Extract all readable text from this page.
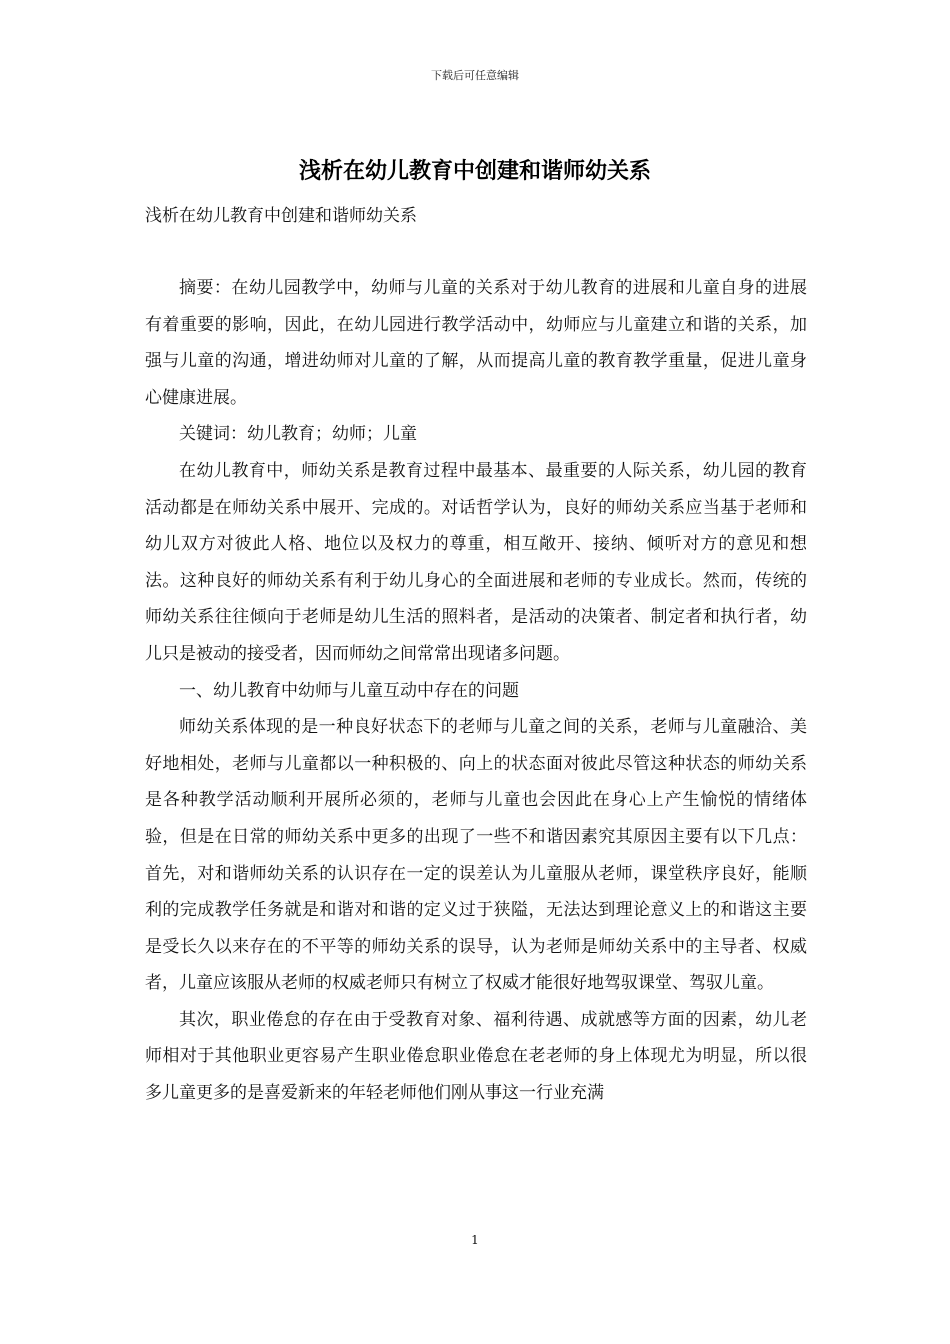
下载后可任意编辑
浅析在幼儿教育中创建和谐师幼关系
浅析在幼儿教育中创建和谐师幼关系

摘要：在幼儿园教学中，幼师与儿童的关系对于幼儿教育的进展和儿童自身的进展有着重要的影响，因此，在幼儿园进行教学活动中，幼师应与儿童建立和谐的关系，加强与儿童的沟通，增进幼师对儿童的了解，从而提高儿童的教育教学重量，促进儿童身心健康进展。

关键词：幼儿教育；幼师；儿童

在幼儿教育中，师幼关系是教育过程中最基本、最重要的人际关系，幼儿园的教育活动都是在师幼关系中展开、完成的。对话哲学认为，良好的师幼关系应当基于老师和幼儿双方对彼此人格、地位以及权力的尊重，相互敞开、接纳、倾听对方的意见和想法。这种良好的师幼关系有利于幼儿身心的全面进展和老师的专业成长。然而，传统的师幼关系往往倾向于老师是幼儿生活的照料者，是活动的决策者、制定者和执行者，幼儿只是被动的接受者，因而师幼之间常常出现诸多问题。

一、幼儿教育中幼师与儿童互动中存在的问题

师幼关系体现的是一种良好状态下的老师与儿童之间的关系，老师与儿童融洽、美好地相处，老师与儿童都以一种积极的、向上的状态面对彼此尽管这种状态的师幼关系是各种教学活动顺利开展所必须的，老师与儿童也会因此在身心上产生愉悦的情绪体验，但是在日常的师幼关系中更多的出现了一些不和谐因素究其原因主要有以下几点：首先，对和谐师幼关系的认识存在一定的误差认为儿童服从老师，课堂秩序良好，能顺利的完成教学任务就是和谐对和谐的定义过于狭隘，无法达到理论意义上的和谐这主要是受长久以来存在的不平等的师幼关系的误导，认为老师是师幼关系中的主导者、权威者，儿童应该服从老师的权威老师只有树立了权威才能很好地驾驭课堂、驾驭儿童。

其次，职业倦怠的存在由于受教育对象、福利待遇、成就感等方面的因素，幼儿老师相对于其他职业更容易产生职业倦怠职业倦怠在老老师的身上体现尤为明显，所以很多儿童更多的是喜爱新来的年轻老师他们刚从事这一行业充满

1
